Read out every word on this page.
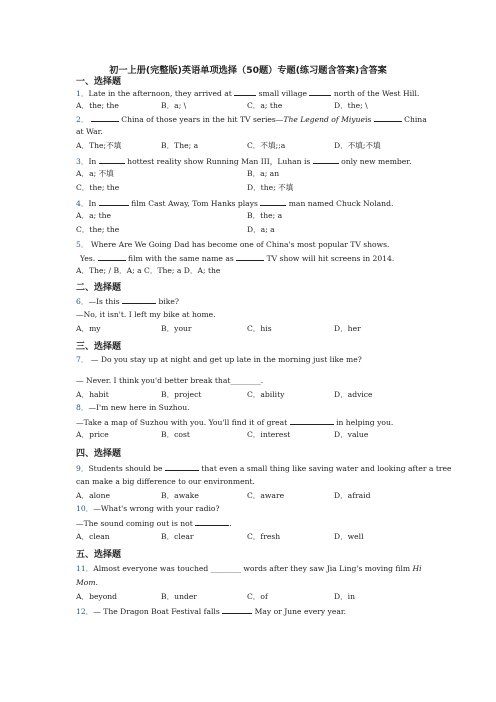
初一上册(完整版)英语单项选择（50题）专题(练习题含答案)含答案
一、选择题
1．Late in the afternoon, they arrived at	small village	north of the West Hill.
A．the; the	B．a; \	C．a; the	D．the; \
2．	China of those years in the hit TV series—The Legend of Miyueis	China
at War.
A．The;不填	B．The; a	C．不填;;a	D．不填;不填
3．In	hottest reality show Running Man III，Luhan is	only new member.
A．a; 不填	B．a; an
C．the; the	D．the; 不填
4．In	film Cast Away, Tom Hanks plays	man named Chuck Noland.
A．a; the	B．the; a
C．the; the	D．a; a
5． Where Are We Going Dad has become one of China's most popular TV shows.
Yes.	film with the same name as	TV show will hit screens in 2014.
A．The; / B．A; a C．The; a D．A; the
二、选择题
6．—Is this	bike?
—No, it isn't. I left my bike at home.
A．my	B．your	C．his	D．her
三、选择题
7． — Do you stay up at night and get up late in the morning just like me?
— Never. I think you'd better break that________.
A．habit	B．project	C．ability	D．advice
8．—I'm new here in Suzhou.
—Take a map of Suzhou with you. You'll find it of great	in helping you.
A．price	B．cost	C．interest	D．value
四、选择题
9．Students should be	that even a small thing like saving water and looking after a tree
can make a big difference to our environment.
A．alone	B．awake	C．aware	D．afraid
10．—What's wrong with your radio?
—The sound coming out is not	.
A．clean	B．clear	C．fresh	D．well
五、选择题
11．Almost everyone was touched ________ words after they saw Jia Ling's moving film Hi
Mom.
A．beyond	B．under	C．of	D．in
12．— The Dragon Boat Festival falls	May or June every year.
